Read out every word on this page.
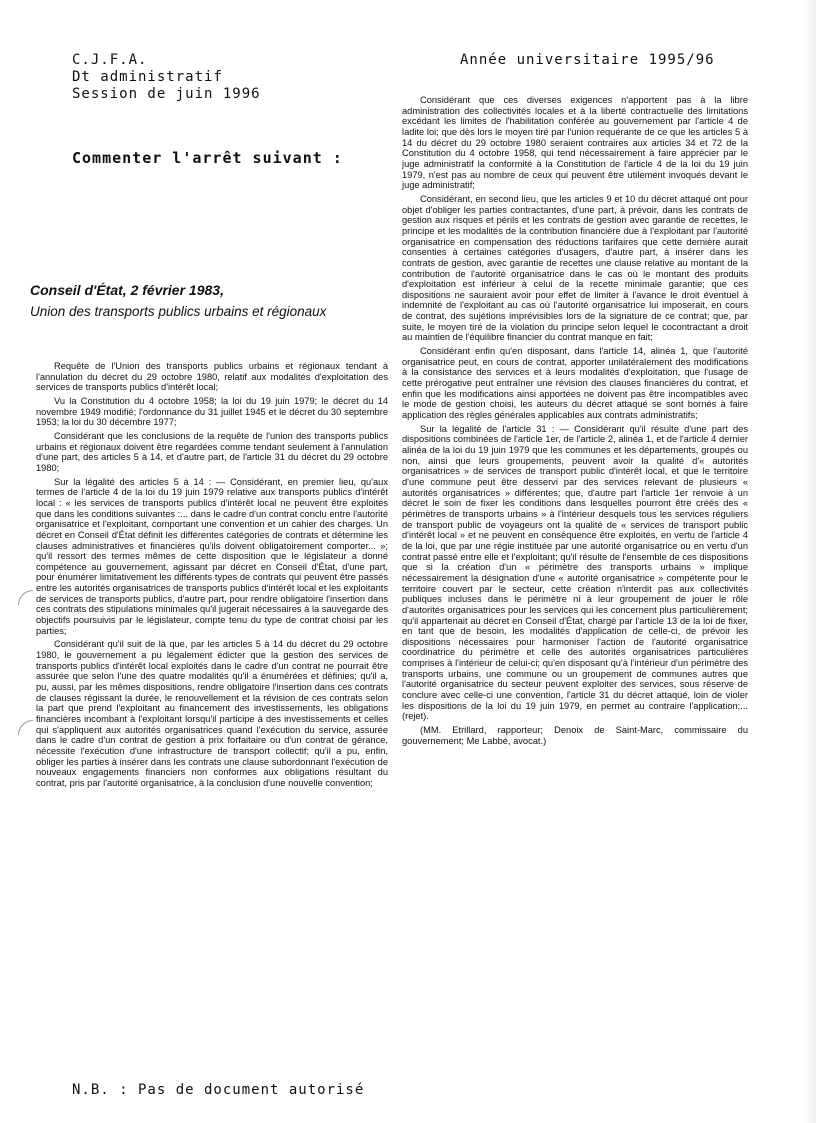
C.J.F.A.
Dt administratif
Session de juin 1996
Année universitaire 1995/96
Commenter l'arrêt suivant :
Conseil d'État, 2 février 1983,
Union des transports publics urbains et régionaux

Requête de l'Union des transports publics urbains et régionaux tendant à l'annulation du décret du 29 octobre 1980, relatif aux modalités d'exploitation des services de transports publics d'intérêt local;

Vu la Constitution du 4 octobre 1958; la loi du 19 juin 1979; le décret du 14 novembre 1949 modifié; l'ordonnance du 31 juillet 1945 et le décret du 30 septembre 1953; la loi du 30 décembre 1977;

Considérant que les conclusions de la requête de l'union des transports publics urbains et régionaux doivent être regardées comme tendant seulement à l'annulation d'une part, des articles 5 à 14, et d'autre part, de l'article 31 du décret du 29 octobre 1980;

Sur la légalité des articles 5 à 14 : — Considérant, en premier lieu, qu'aux termes de l'article 4 de la loi du 19 juin 1979 relative aux transports publics d'intérêt local : « les services de transports publics d'intérêt local ne peuvent être exploités que dans les conditions suivantes :... dans le cadre d'un contrat conclu entre l'autorité organisatrice et l'exploitant, comportant une convention et un cahier des charges. Un décret en Conseil d'État définit les différentes catégories de contrats et détermine les clauses administratives et financières qu'ils doivent obligatoirement comporter... »; qu'il ressort des termes mêmes de cette disposition que le législateur a donné compétence au gouvernement, agissant par décret en Conseil d'État, d'une part, pour énumérer limitativement les différents types de contrats qui peuvent être passés entre les autorités organisatrices de transports publics d'intérêt local et les exploitants de services de transports publics, d'autre part, pour rendre obligatoire l'insertion dans ces contrats des stipulations minimales qu'il jugerait nécessaires à la sauvegarde des objectifs poursuivis par le législateur, compte tenu du type de contrat choisi par les parties;

Considérant qu'il suit de là que, par les articles 5 à 14 du décret du 29 octobre 1980, le gouvernement a pu légalement édicter que la gestion des services de transports publics d'intérêt local exploités dans le cadre d'un contrat ne pourrait être assurée que selon l'une des quatre modalités qu'il a énumérées et définies; qu'il a, pu, aussi, par les mêmes dispositions, rendre obligatoire l'insertion dans ces contrats de clauses régissant la durée, le renouvellement et la révision de ces contrats selon la part que prend l'exploitant au financement des investissements, les obligations financières incombant à l'exploitant lorsqu'il participe à des investissements et celles qui s'appliquent aux autorités organisatrices quand l'exécution du service, assurée dans le cadre d'un contrat de gestion à prix forfaitaire ou d'un contrat de gérance, nécessite l'exécution d'une infrastructure de transport collectif; qu'il a pu, enfin, obliger les parties à insérer dans les contrats une clause subordonnant l'exécution de nouveaux engagements financiers non conformes aux obligations résultant du contrat, pris par l'autorité organisatrice, à la conclusion d'une nouvelle convention;

Considérant que ces diverses exigences n'apportent pas à la libre administration des collectivités locales et à la liberté contractuelle des limitations excédant les limites de l'habilitation conférée au gouvernement par l'article 4 de ladite loi; que dès lors le moyen tiré par l'union requérante de ce que les articles 5 à 14 du décret du 29 octobre 1980 seraient contraires aux articles 34 et 72 de la Constitution du 4 octobre 1958, qui tend nécessairement à faire apprécier par le juge administratif la conformité à la Constitution de l'article 4 de la loi du 19 juin 1979, n'est pas au nombre de ceux qui peuvent être utilement invoqués devant le juge administratif;

Considérant, en second lieu, que les articles 9 et 10 du décret attaqué ont pour objet d'obliger les parties contractantes, d'une part, à prévoir, dans les contrats de gestion aux risques et périls et les contrats de gestion avec garantie de recettes, le principe et les modalités de la contribution financière due à l'exploitant par l'autorité organisatrice en compensation des réductions tarifaires que cette dernière aurait consenties à certaines catégories d'usagers, d'autre part, à insérer dans les contrats de gestion, avec garantie de recettes une clause relative au montant de la contribution de l'autorité organisatrice dans le cas où le montant des produits d'exploitation est inférieur à celui de la recette minimale garantie; que ces dispositions ne sauraient avoir pour effet de limiter à l'avance le droit éventuel à indemnité de l'exploitant au cas où l'autorité organisatrice lui imposerait, en cours de contrat, des sujétions imprévisibles lors de la signature de ce contrat; que, par suite, le moyen tiré de la violation du principe selon lequel le cocontractant a droit au maintien de l'équilibre financier du contrat manque en fait;

Considérant enfin qu'en disposant, dans l'article 14, alinéa 1, que l'autorité organisatrice peut, en cours de contrat, apporter unilatéralement des modifications à la consistance des services et à leurs modalités d'exploitation, que l'usage de cette prérogative peut entraîner une révision des clauses financières du contrat, et enfin que les modifications ainsi apportées ne doivent pas être incompatibles avec le mode de gestion choisi, les auteurs du décret attaqué se sont bornés à faire application des règles générales applicables aux contrats administratifs;

Sur la légalité de l'article 31 : — Considérant qu'il résulte d'une part des dispositions combinées de l'article 1er, de l'article 2, alinéa 1, et de l'article 4 dernier alinéa de la loi du 19 juin 1979 que les communes et les départements, groupés ou non, ainsi que leurs groupements, peuvent avoir la qualité d'« autorités organisatrices » de services de transport public d'intérêt local, et que le territoire d'une commune peut être desservi par des services relevant de plusieurs « autorités organisatrices » différentes; que, d'autre part l'article 1er renvoie à un décret le soin de fixer les conditions dans lesquelles pourront être créés des « périmètres de transports urbains » à l'intérieur desquels tous les services réguliers de transport public de voyageurs ont la qualité de « services de transport public d'intérêt local » et ne peuvent en conséquence être exploités, en vertu de l'article 4 de la loi, que par une régie instituée par une autorité organisatrice ou en vertu d'un contrat passé entre elle et l'exploitant; qu'il résulte de l'ensemble de ces dispositions que si la création d'un « périmètre des transports urbains » implique nécessairement la désignation d'une « autorité organisatrice » compétente pour le territoire couvert par le secteur, cette création n'interdit pas aux collectivités publiques incluses dans le périmètre ni à leur groupement de jouer le rôle d'autorités organisatrices pour les services qui les concernent plus particulièrement; qu'il appartenait au décret en Conseil d'État, chargé par l'article 13 de la loi de fixer, en tant que de besoin, les modalités d'application de celle-ci, de prévoir les dispositions nécessaires pour harmoniser l'action de l'autorité organisatrice coordinatrice du périmètre et celle des autorités organisatrices particulières comprises à l'intérieur de celui-ci; qu'en disposant qu'à l'intérieur d'un périmètre des transports urbains, une commune ou un groupement de communes autres que l'autorité organisatrice du secteur peuvent exploiter des services, sous réserve de conclure avec celle-ci une convention, l'article 31 du décret attaqué, loin de violer les dispositions de la loi du 19 juin 1979, en permet au contraire l'application;... (rejet).

(MM. Etrillard, rapporteur; Denoix de Saint-Marc, commissaire du gouvernement; Me Labbé, avocat.)

N.B. : Pas de document autorisé
